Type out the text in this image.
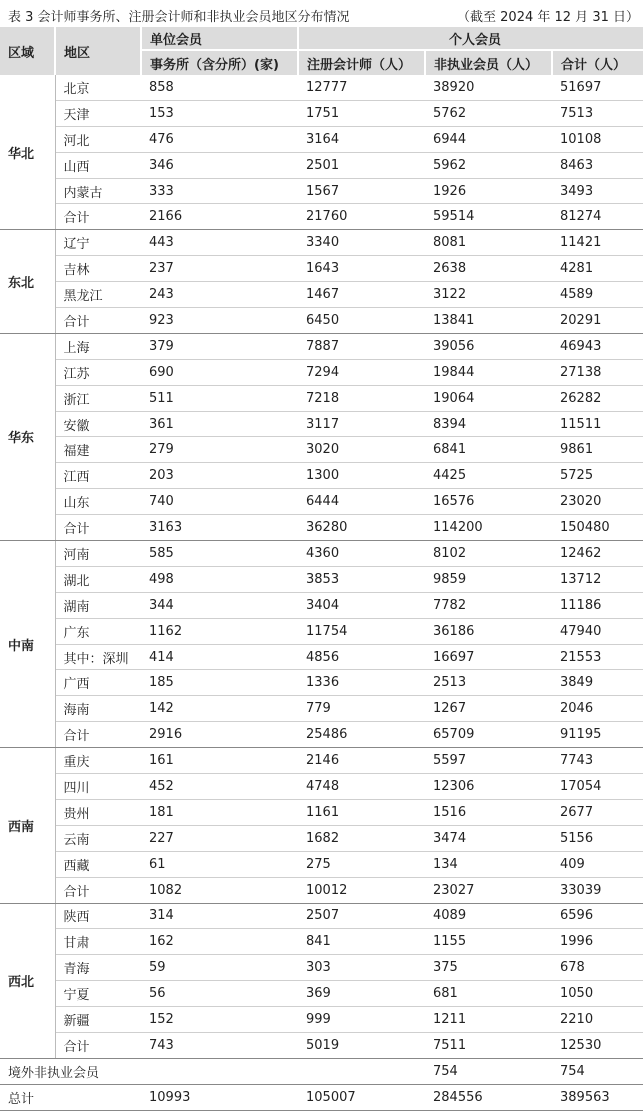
表 3 会计师事务所、注册会计师和非执业会员地区分布情况	（截至 2024 年 12 月 31 日）
区域	地区	单位会员	个人会员		
		事务所（含分所）(家)	注册会计师（人）	非执业会员（人）	合计（人）
华北	北京	858	12777	38920	51697
	天津	153	1751	5762	7513
	河北	476	3164	6944	10108
	山西	346	2501	5962	8463
	内蒙古	333	1567	1926	3493
	合计	2166	21760	59514	81274
东北	辽宁	443	3340	8081	11421
	吉林	237	1643	2638	4281
	黑龙江	243	1467	3122	4589
	合计	923	6450	13841	20291
华东	上海	379	7887	39056	46943
	江苏	690	7294	19844	27138
	浙江	511	7218	19064	26282
	安徽	361	3117	8394	11511
	福建	279	3020	6841	9861
	江西	203	1300	4425	5725
	山东	740	6444	16576	23020
	合计	3163	36280	114200	150480
中南	河南	585	4360	8102	12462
	湖北	498	3853	9859	13712
	湖南	344	3404	7782	11186
	广东	1162	11754	36186	47940
	其中：深圳	414	4856	16697	21553
	广西	185	1336	2513	3849
	海南	142	779	1267	2046
	合计	2916	25486	65709	91195
西南	重庆	161	2146	5597	7743
	四川	452	4748	12306	17054
	贵州	181	1161	1516	2677
	云南	227	1682	3474	5156
	西藏	61	275	134	409
	合计	1082	10012	23027	33039
西北	陕西	314	2507	4089	6596
	甘肃	162	841	1155	1996
	青海	59	303	375	678
	宁夏	56	369	681	1050
	新疆	152	999	1211	2210
	合计	743	5019	7511	12530
境外非执业会员				754	754
总计		10993	105007	284556	389563
